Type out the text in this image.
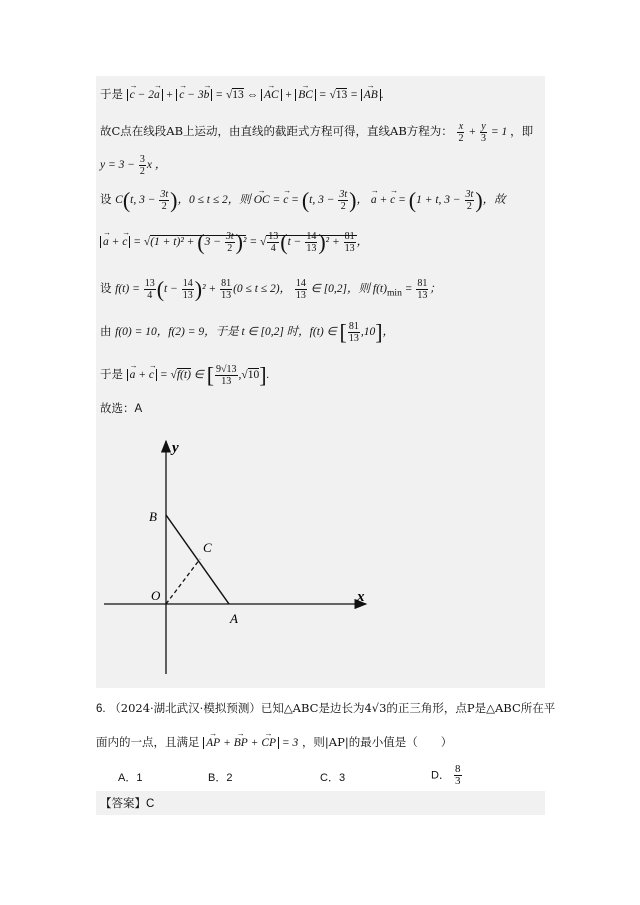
于是 → c − 2→ a + → c − 3→ b = √13 ⇔ → AC + → BC = √13 = → AB .
故C点在线段AB上运动，由直线的截距式方程可得，直线AB方程为： $\frac{x}{2} + \frac{y}{3} = 1$ ，即
$y = 3 - \frac{3}{2}$ x ，
设 C(t, $3 - \frac{3t}{2}$ )，0 ≤ t ≤ 2，则 → OC = → c = (t, $3 - \frac{3t}{2}$ )， → a + → c = (1 + t, $3 - \frac{3t}{2}$ )，故
→ a + → $c = √(1 + t)^2 + (3 - \frac{3t}{2} )^2$ = √ $\frac{13}{4} (t - \frac{14}{13} )^2 + \frac{81}{13}$ ，
设 $f(t) = \frac{13}{4} (t - \frac{14}{13} )^2 + \frac{81}{13} (0 \le t \le 2)$， $\frac{14}{13}$ ∈ [0,2]，则 $f(t)_{min} = \frac{81}{13}$ ；
由 f(0) = 10，f(2) = 9，于是 t ∈ [0,2] 时，f(t) ∈ [ $\frac{81}{13} ,10$]，
于是 → a + → c = √f(t) ∈ [ $\frac{9√13}{13} ,√10$].
故选：A
y
x
B
C
O
A
6. （2024·湖北武汉·模拟预测）已知△ABC是边长为4√3的正三角形，点P是△ABC所在平
面内的一点，且满足 → AP + → BP + → CP = 3 ，则|AP|的最小值是（　　）
A．1	B．2	C．3	D． $\frac{8}{3}$
【答案】C
